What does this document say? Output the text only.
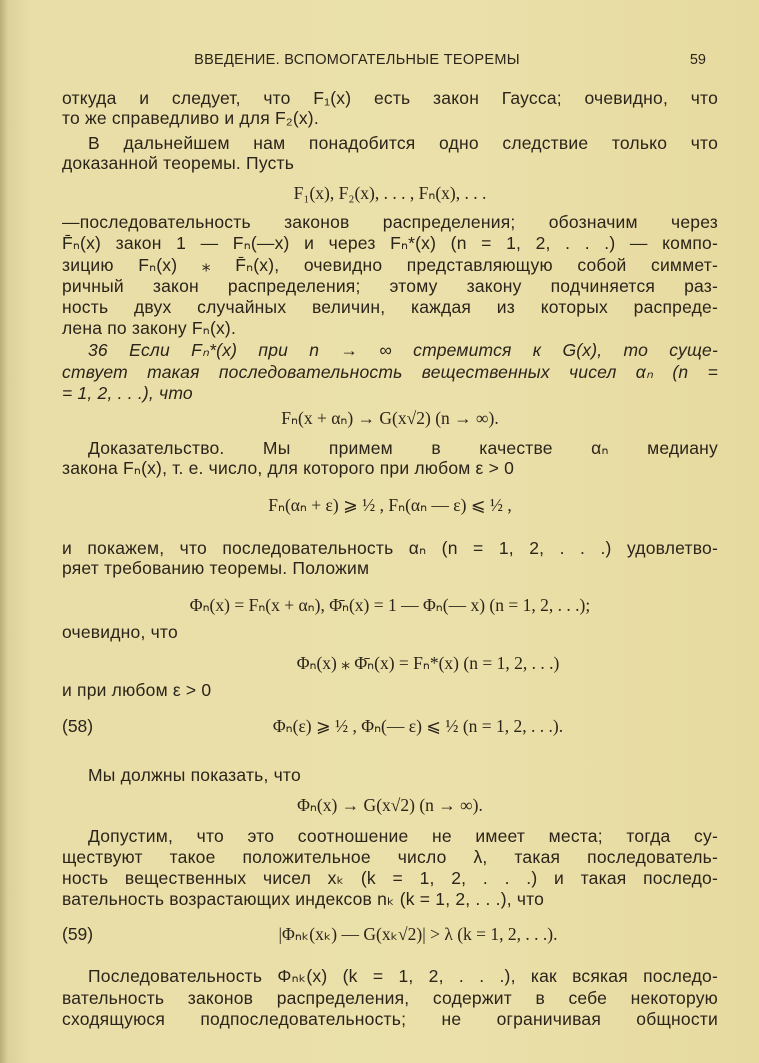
ВВЕДЕНИЕ. ВСПОМОГАТЕЛЬНЫЕ ТЕОРЕМЫ	59
откуда и следует, что F₁(x) есть закон Гаусса; очевидно, что
то же справедливо и для F₂(x).
В дальнейшем нам понадобится одно следствие только что
доказанной теоремы. Пусть
F₁(x), F₂(x), . . . , Fₙ(x), . . .
—последовательность законов распределения; обозначим через
F̄ₙ(x) закон 1 — Fₙ(—x) и через Fₙ*(x) (n = 1, 2, . . .) — компо-
зицию Fₙ(x) ⁎ F̄ₙ(x), очевидно представляющую собой симмет-
ричный закон распределения; этому закону подчиняется раз-
ность двух случайных величин, каждая из которых распреде-
лена по закону Fₙ(x).
36 Если Fₙ*(x) при n → ∞ стремится к G(x), то суще-
ствует такая последовательность вещественных чисел αₙ (n =
= 1, 2, . . .), что
Fₙ(x + αₙ) → G(x√2) (n → ∞).
Доказательство. Мы примем в качестве αₙ медиану
закона Fₙ(x), т. е. число, для которого при любом ε > 0
Fₙ(αₙ + ε) ⩾ ½ , Fₙ(αₙ — ε) ⩽ ½ ,
и покажем, что последовательность αₙ (n = 1, 2, . . .) удовлетво-
ряет требованию теоремы. Положим
Φₙ(x) = Fₙ(x + αₙ), Φ̄ₙ(x) = 1 — Φₙ(— x) (n = 1, 2, . . .);
очевидно, что
Φₙ(x) ⁎ Φ̄ₙ(x) = Fₙ*(x) (n = 1, 2, . . .)
и при любом ε > 0
(58)	Φₙ(ε) ⩾ ½ , Φₙ(— ε) ⩽ ½ (n = 1, 2, . . .).
Мы должны показать, что
Φₙ(x) → G(x√2) (n → ∞).
Допустим, что это соотношение не имеет места; тогда су-
ществуют такое положительное число λ, такая последователь-
ность вещественных чисел xₖ (k = 1, 2, . . .) и такая последо-
вательность возрастающих индексов nₖ (k = 1, 2, . . .), что
(59)	|Φₙₖ(xₖ) — G(xₖ√2)| > λ (k = 1, 2, . . .).
Последовательность Φₙₖ(x) (k = 1, 2, . . .), как всякая последо-
вательность законов распределения, содержит в себе некоторую
сходящуюся подпоследовательность; не ограничивая общности
